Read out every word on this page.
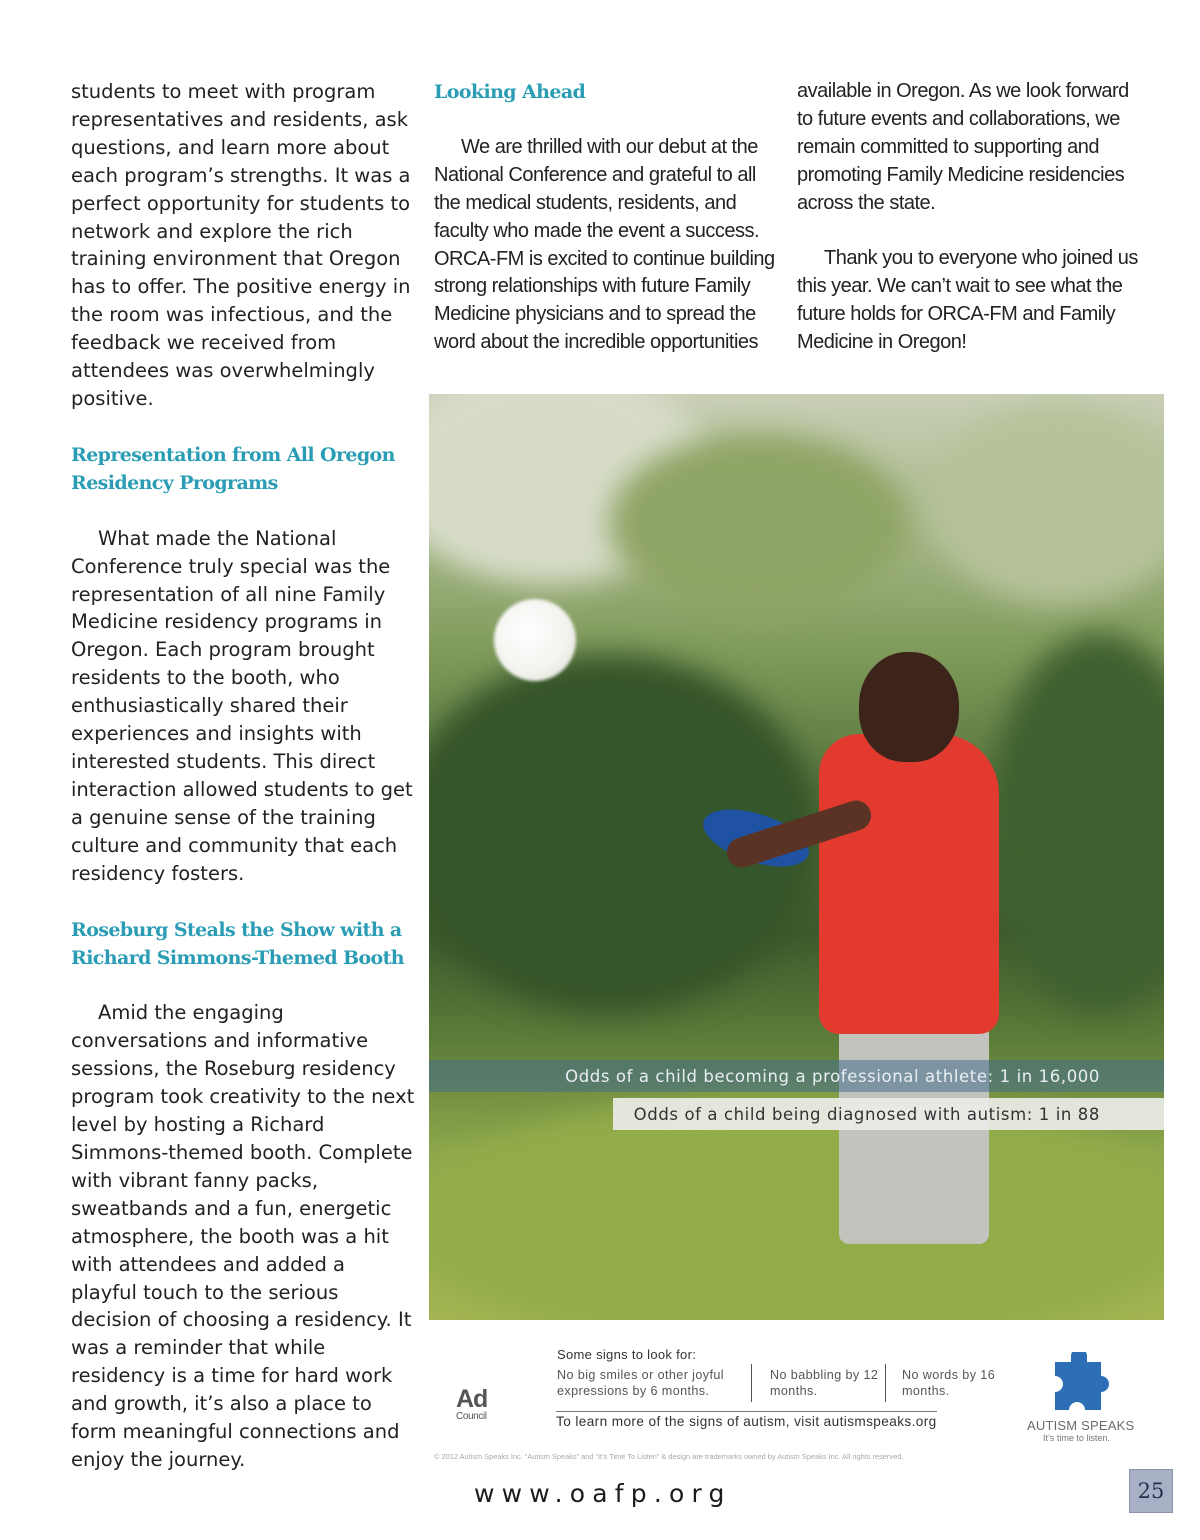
students to meet with program representatives and residents, ask questions, and learn more about each program’s strengths. It was a perfect opportunity for students to network and explore the rich training environment that Oregon has to offer. The positive energy in the room was infectious, and the feedback we received from attendees was overwhelmingly positive.

Representation from All Oregon Residency Programs

What made the National Conference truly special was the representation of all nine Family Medicine residency programs in Oregon. Each program brought residents to the booth, who enthusiastically shared their experiences and insights with interested students. This direct interaction allowed students to get a genuine sense of the training culture and community that each residency fosters.

Roseburg Steals the Show with a Richard Simmons-Themed Booth

Amid the engaging conversations and informative sessions, the Roseburg residency program took creativity to the next level by hosting a Richard Simmons-themed booth. Complete with vibrant fanny packs, sweatbands and a fun, energetic atmosphere, the booth was a hit with attendees and added a playful touch to the serious decision of choosing a residency. It was a reminder that while residency is a time for hard work and growth, it’s also a place to form meaningful connections and enjoy the journey.

Looking Ahead

We are thrilled with our debut at the National Conference and grateful to all the medical students, residents, and faculty who made the event a success. ORCA-FM is excited to continue building strong relationships with future Family Medicine physicians and to spread the word about the incredible opportunities

available in Oregon. As we look forward to future events and collaborations, we remain committed to supporting and promoting Family Medicine residencies across the state.

Thank you to everyone who joined us this year. We can’t wait to see what the future holds for ORCA-FM and Family Medicine in Oregon!

Odds of a child becoming a professional athlete: 1 in 16,000
Odds of a child being diagnosed with autism: 1 in 88
Ad
Council
Some signs to look for:
No big smiles or other joyful expressions by 6 months.
No babbling by 12 months.
No words by 16 months.
To learn more of the signs of autism, visit autismspeaks.org	AUTISM SPEAKS
It’s time to listen.
© 2012 Autism Speaks Inc. “Autism Speaks” and “It’s Time To Listen” & design are trademarks owned by Autism Speaks Inc. All rights reserved.
www.oafp.org	25
